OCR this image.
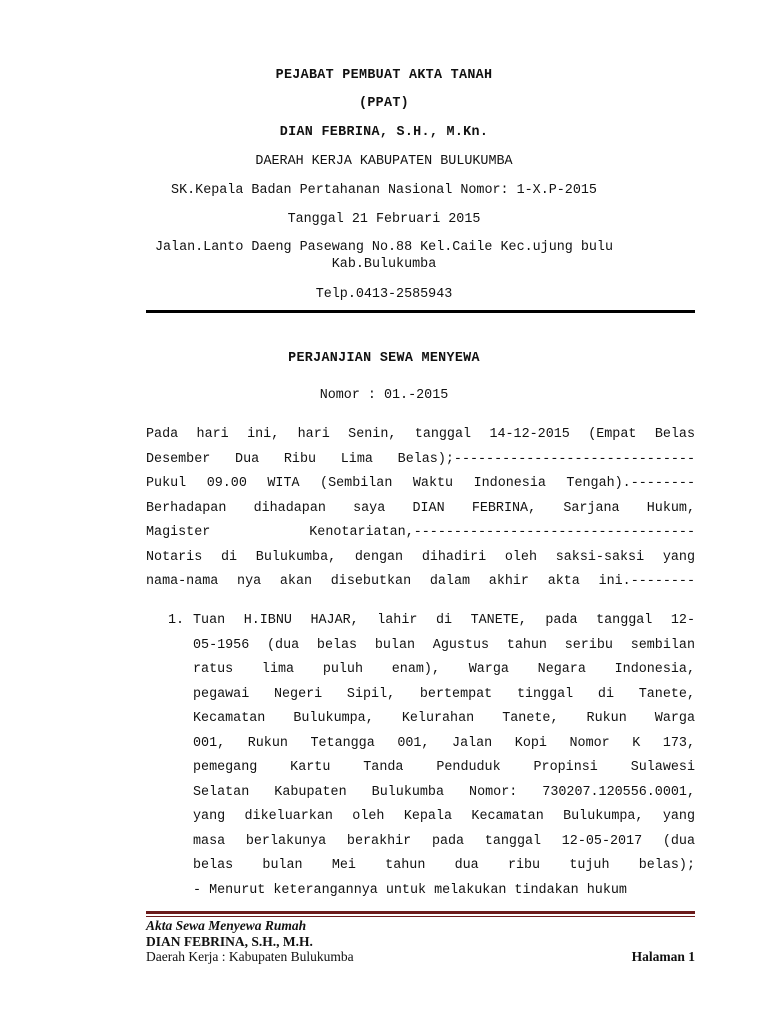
PEJABAT PEMBUAT AKTA TANAH
(PPAT)
DIAN FEBRINA, S.H., M.Kn.
DAERAH KERJA KABUPATEN BULUKUMBA
SK.Kepala Badan Pertahanan Nasional Nomor: 1-X.P-2015
Tanggal 21 Februari 2015
Jalan.Lanto Daeng Pasewang No.88 Kel.Caile Kec.ujung bulu
Kab.Bulukumba
Telp.0413-2585943
PERJANJIAN SEWA MENYEWA
Nomor : 01.-2015
Pada hari ini, hari Senin, tanggal 14-12-2015 (Empat Belas
Desember Dua Ribu Lima Belas);------------------------------
Pukul 09.00 WITA (Sembilan Waktu Indonesia Tengah).--------
Berhadapan dihadapan saya DIAN FEBRINA, Sarjana Hukum,
Magister Kenotariatan,-----------------------------------
Notaris di Bulukumba, dengan dihadiri oleh saksi-saksi yang
nama-nama nya akan disebutkan dalam akhir akta ini.--------
1. Tuan H.IBNU HAJAR, lahir di TANETE, pada tanggal 12-
05-1956 (dua belas bulan Agustus tahun seribu sembilan
ratus lima puluh enam), Warga Negara Indonesia,
pegawai Negeri Sipil, bertempat tinggal di Tanete,
Kecamatan Bulukumpa, Kelurahan Tanete, Rukun Warga
001, Rukun Tetangga 001, Jalan Kopi Nomor K 173,
pemegang Kartu Tanda Penduduk Propinsi Sulawesi
Selatan Kabupaten Bulukumba Nomor: 730207.120556.0001,
yang dikeluarkan oleh Kepala Kecamatan Bulukumpa, yang
masa berlakunya berakhir pada tanggal 12-05-2017 (dua
belas bulan Mei tahun dua ribu tujuh belas);
- Menurut keterangannya untuk melakukan tindakan hukum
Akta Sewa Menyewa Rumah
DIAN FEBRINA, S.H., M.H.
Daerah Kerja : Kabupaten Bulukumba	Halaman 1
